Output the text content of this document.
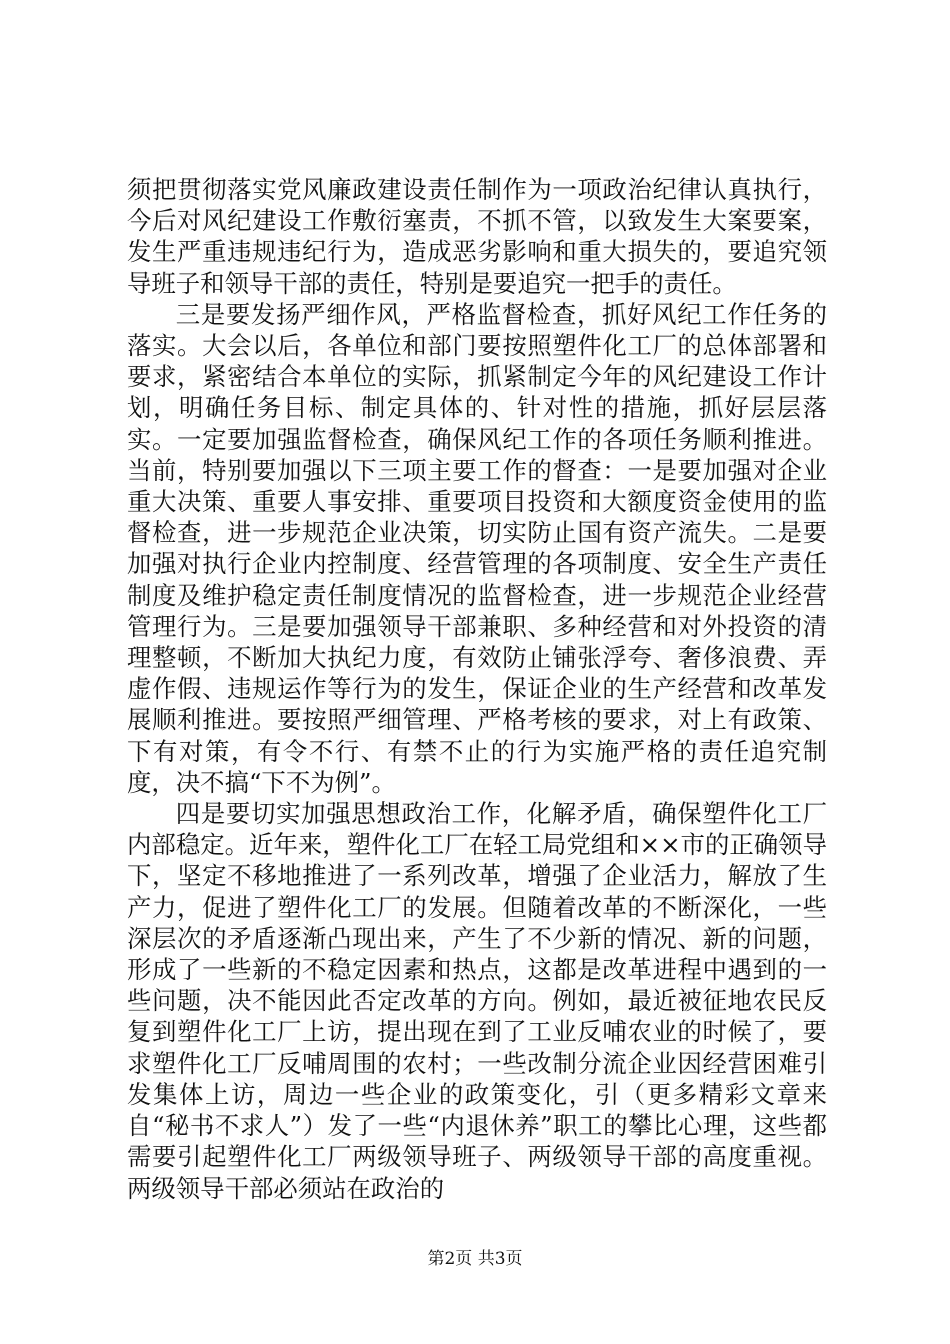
须把贯彻落实党风廉政建设责任制作为一项政治纪律认真执行，今后对风纪建设工作敷衍塞责，不抓不管，以致发生大案要案，发生严重违规违纪行为，造成恶劣影响和重大损失的，要追究领导班子和领导干部的责任，特别是要追究一把手的责任。

三是要发扬严细作风，严格监督检查，抓好风纪工作任务的落实。大会以后，各单位和部门要按照塑件化工厂的总体部署和要求，紧密结合本单位的实际，抓紧制定今年的风纪建设工作计划，明确任务目标、制定具体的、针对性的措施，抓好层层落实。一定要加强监督检查，确保风纪工作的各项任务顺利推进。当前，特别要加强以下三项主要工作的督查：一是要加强对企业重大决策、重要人事安排、重要项目投资和大额度资金使用的监督检查，进一步规范企业决策，切实防止国有资产流失。二是要加强对执行企业内控制度、经营管理的各项制度、安全生产责任制度及维护稳定责任制度情况的监督检查，进一步规范企业经营管理行为。三是要加强领导干部兼职、多种经营和对外投资的清理整顿，不断加大执纪力度，有效防止铺张浮夸、奢侈浪费、弄虚作假、违规运作等行为的发生，保证企业的生产经营和改革发展顺利推进。要按照严细管理、严格考核的要求，对上有政策、下有对策，有令不行、有禁不止的行为实施严格的责任追究制度，决不搞“下不为例”。

四是要切实加强思想政治工作，化解矛盾，确保塑件化工厂内部稳定。近年来，塑件化工厂在轻工局党组和××市的正确领导下，坚定不移地推进了一系列改革，增强了企业活力，解放了生产力，促进了塑件化工厂的发展。但随着改革的不断深化，一些深层次的矛盾逐渐凸现出来，产生了不少新的情况、新的问题，形成了一些新的不稳定因素和热点，这都是改革进程中遇到的一些问题，决不能因此否定改革的方向。例如，最近被征地农民反复到塑件化工厂上访，提出现在到了工业反哺农业的时候了，要求塑件化工厂反哺周围的农村；一些改制分流企业因经营困难引发集体上访，周边一些企业的政策变化，引（更多精彩文章来自“秘书不求人”）发了一些“内退休养”职工的攀比心理，这些都需要引起塑件化工厂两级领导班子、两级领导干部的高度重视。两级领导干部必须站在政治的

第2页 共3页
